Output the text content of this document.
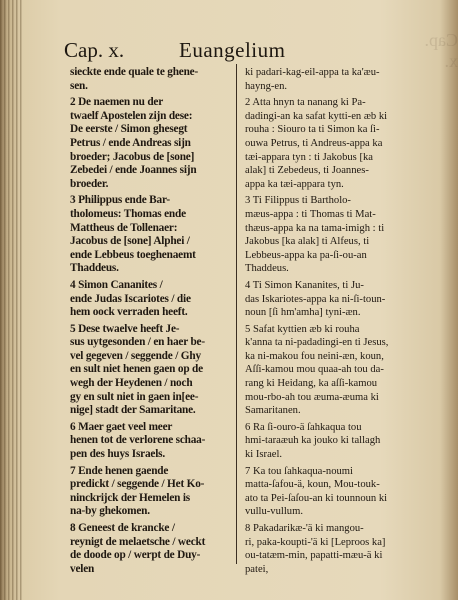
Cap. x.
Cap. x.	Euangelium
sieckte ende quale te ghene-
sen.
2 De naemen nu der
twaelf Apostelen zijn dese:
De eerste / Simon ghesegt
Petrus / ende Andreas sijn
broeder; Jacobus de [sone]
Zebedei / ende Joannes sijn
broeder.
3 Philippus ende Bar-
tholomeus: Thomas ende
Mattheus de Tollenaer:
Jacobus de [sone] Alphei /
ende Lebbeus toeghenaemt
Thaddeus.
4 Simon Cananites /
ende Judas Iscariotes / die
hem oock verraden heeft.
5 Dese twaelve heeft Je-
sus uytgesonden / en haer be-
vel gegeven / seggende / Ghy
en sult niet henen gaen op de
wegh der Heydenen / noch
gy en sult niet in gaen in[ee-
nige] stadt der Samaritane.
6 Maer gaet veel meer
henen tot de verlorene schaa-
pen des huys Israels.
7 Ende henen gaende
predickt / seggende / Het Ko-
ninckrijck der Hemelen is
na-by ghekomen.
8 Geneest de krancke /
reynigt de melaetsche / weckt
de doode op / werpt de Duy-
velen
ki padari-kag-eil-appa ta ka'æu-
hayng-en.
2 Atta hnyn ta nanang ki Pa-
dadingi-an ka safat kytti-en æb ki
rouha : Siouro ta ti Simon ka ſi-
ouwa Petrus, ti Andreus-appa ka
tæi-appara tyn : ti Jakobus [ka
alak] ti Zebedeus, ti Joannes-
appa ka tæi-appara tyn.
3 Ti Filippus ti Bartholo-
mæus-appa : ti Thomas ti Mat-
thæus-appa ka na tama-imigh : ti
Jakobus [ka alak] ti Alfeus, ti
Lebbeus-appa ka pa-ſi-ou-an
Thaddeus.
4 Ti Simon Kananites, ti Ju-
das Iskariotes-appa ka ni-ſi-toun-
noun [ſi hm'amha] tyni-æn.
5 Safat kyttien æb ki rouha
k'anna ta ni-padadingi-en ti Jesus,
ka ni-makou fou neini-æn, koun,
Aſſi-kamou mou quaa-ah tou da-
rang ki Heidang, ka aſſi-kamou
mou-rbo-ah tou æuma-æuma ki
Samaritanen.
6 Ra ſi-ouro-ä ſahkaqua tou
hmi-taraæuh ka jouko ki tallagh
ki Israel.
7 Ka tou ſahkaqua-noumi
matta-ſafou-ä, koun, Mou-touk-
ato ta Pei-ſaſou-an ki tounnoun ki
vullu-vullum.
8 Pakadarikæ-'ä ki mangou-
ri, paka-koupti-'ä ki [Leproos ka]
ou-tatæm-min, papatti-mæu-ä ki
patei,
